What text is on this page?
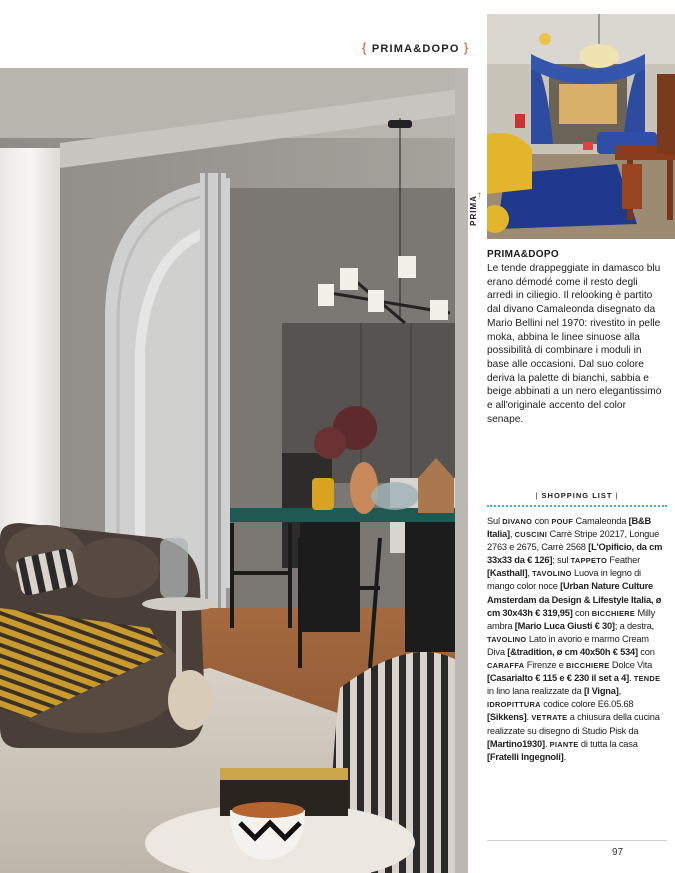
{ PRIMA&DOPO }
↑
PRIMA
PRIMA&DOPO

Le tende drappeggiate in damasco blu erano démodé come il resto degli arredi in ciliegio. Il relooking è partito dal divano Camaleonda disegnato da Mario Bellini nel 1970: rivestito in pelle moka, abbina le linee sinuose alla possibilità di combinare i moduli in base alle occasioni. Dal suo colore deriva la palette di bianchi, sabbia e beige abbinati a un nero elegantissimo e all'originale accento del color senape.

| SHOPPING LIST |
Sul DIVANO con POUF Camaleonda [B&B Italia], CUSCINI Carrè Stripe 20217, Longue 2763 e 2675, Carrè 2568 [L'Opificio, da cm 33x33 da € 126]; sul TAPPETO Feather [Kasthall], TAVOLINO Luova in legno di mango color noce [Urban Nature Culture Amsterdam da Design & Lifestyle Italia, ø cm 30x43h € 319,95] con BICCHIERE Milly ambra [Mario Luca Giusti € 30]; a destra, TAVOLINO Lato in avorio e marmo Cream Diva [&tradition, ø cm 40x50h € 534] con CARAFFA Firenze e BICCHIERE Dolce Vita [Casarialto € 115 e € 230 il set a 4]. TENDE in lino lana realizzate da [I Vigna], IDROPITTURA codice colore E6.05.68 [Sikkens]. VETRATE a chiusura della cucina realizzate su disegno di Studio Pisk da [Martino1930]. PIANTE di tutta la casa [Fratelli Ingegnoli].
97
